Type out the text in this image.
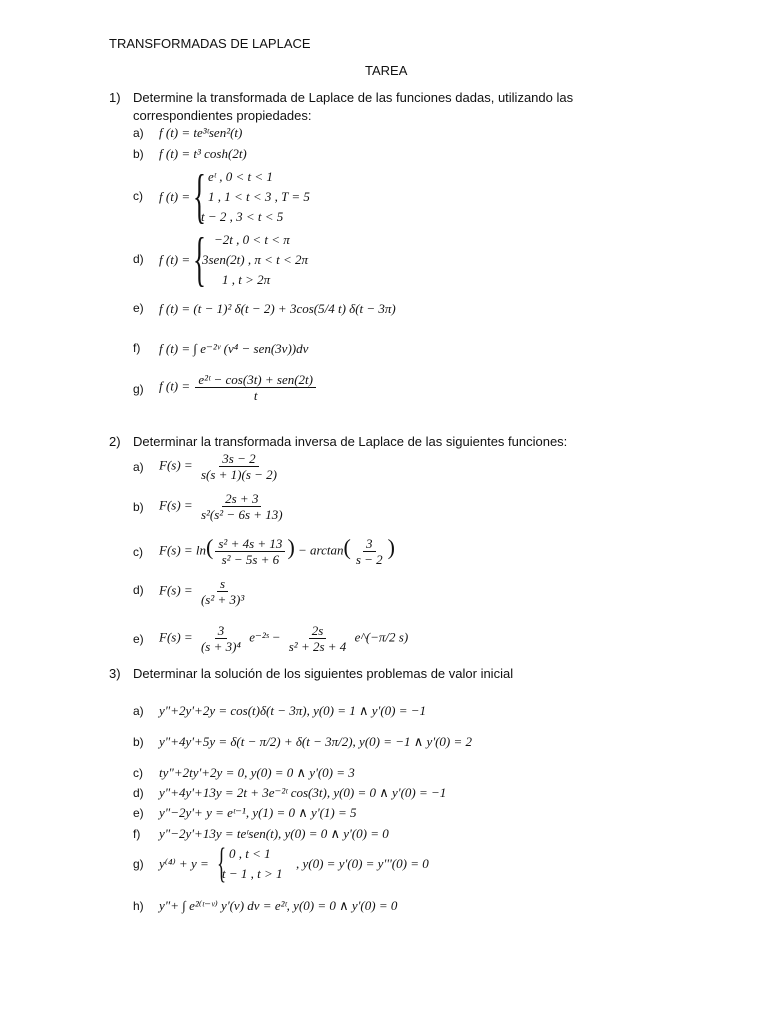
TRANSFORMADAS DE LAPLACE
TAREA
1) Determine la transformada de Laplace de las funciones dadas, utilizando las
correspondientes propiedades:
a) f (t) = te³ᵗsen²(t)
b) f (t) = t³ cosh(2t)
c) f (t) = { eᵗ , 0 < t < 1
1 , 1 < t < 3 , T = 5
t − 2 , 3 < t < 5
d) f (t) = { −2t , 0 < t < π
3sen(2t) , π < t < 2π
1 , t > 2π
e) f (t) = (t − 1)² δ(t − 2) + 3cos(5/4 t) δ(t − 3π)
f) f (t) = ∫ e⁻²ᵛ (v⁴ − sen(3v))dv
g) f $(t) = \frac{\text{e²ᵗ − cos(3t) + sen(2t)}}{t}$
2) Determinar la transformada inversa de Laplace de las siguientes funciones:
a) $F(s) = \frac{3s - 2}{s(s + 1)(s - 2)}$
b) $F(s) = \frac{2s + 3}{\text{s²(s² − 6s + 13)}}$
c) $F(s) = \ln( \frac{\text{s² + 4s + 13}}{\text{s² − 5s + 6}}$ ) − $\arctan( \frac{3}{s - 2}$ )
d) $F(s) = \frac{s}{\text{(s² + 3)³}}$
e) $F(s) = \frac{3}{\text{(s + 3)⁴}}$ e⁻²ˢ − $\frac{2s}{\text{s² + 2s + 4}}$ e^(−π/2 s)
3) Determinar la solución de los siguientes problemas de valor inicial
a) y"+2y'+2y = cos(t)δ(t − 3π), y(0) = 1 ∧ y'(0) = −1
b) y"+4y'+5y = δ(t − π/2) + δ(t − 3π/2), y(0) = −1 ∧ y'(0) = 2
c) ty"+2ty'+2y = 0, y(0) = 0 ∧ y'(0) = 3
d) y"+4y'+13y = 2t + 3e⁻²ᵗ cos(3t), y(0) = 0 ∧ y'(0) = −1
e) y"−2y'+ y = eᵗ⁻¹, y(1) = 0 ∧ y'(1) = 5
f) y"−2y'+13y = teᵗsen(t), y(0) = 0 ∧ y'(0) = 0
g) y⁽⁴⁾ + y = { 0 , t < 1
t − 1 , t > 1
, y(0) = y'(0) = y'''(0) = 0
h) y"+ ∫ e²⁽ᵗ⁻ᵛ⁾ y'(v) dv = e²ᵗ, y(0) = 0 ∧ y'(0) = 0
